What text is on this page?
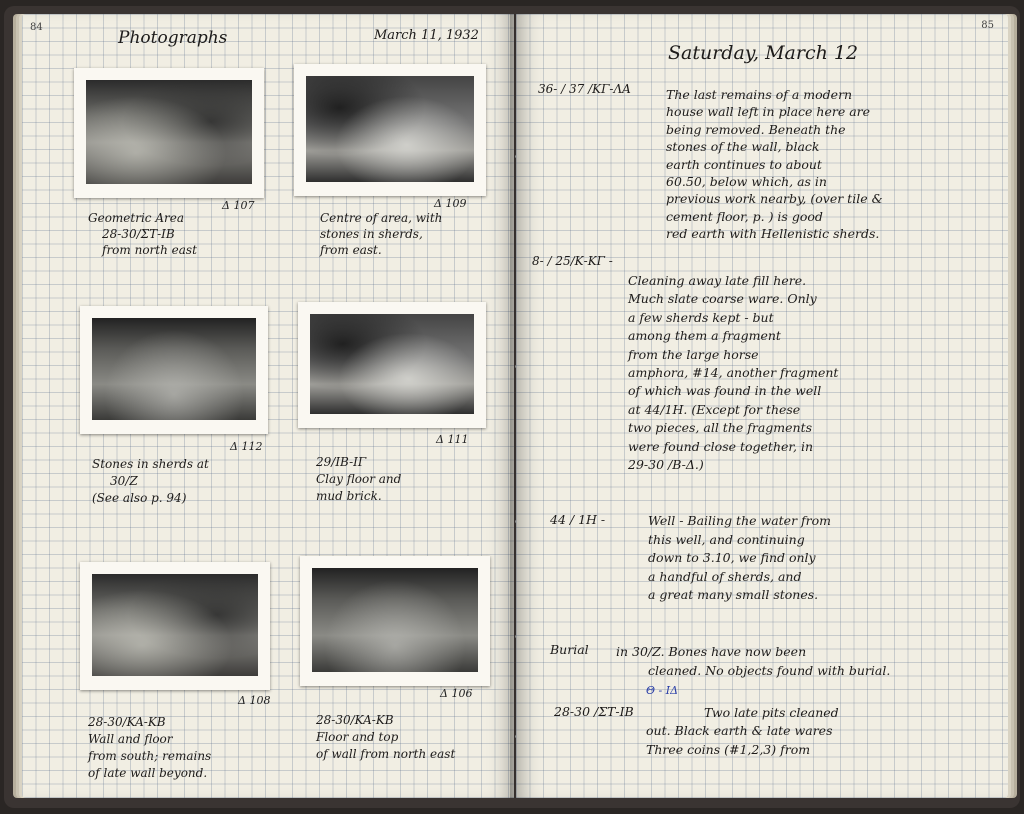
84
Photographs	March 11, 1932
Δ 107
Geometric Area
28-30/ΣΤ-ΙΒ
from north east
Δ 109
Centre of area, with
stones in sherds,
from east.
Δ 112
Stones in sherds at
30/Z
(See also p. 94)
Δ 111
29/IB-IΓ
Clay floor and
mud brick.
Δ 108
28-30/KA-KB
Wall and floor
from south; remains
of late wall beyond.
Δ 106
28-30/KA-KB
Floor and top
of wall from north east
85
Saturday, March 12
36- / 37 /ΚΓ-ΛΑ	The last remains of a modern
house wall left in place here are
being removed. Beneath the
stones of the wall, black
earth continues to about
60.50, below which, as in
previous work nearby, (over tile &
cement floor, p. ) is good
red earth with Hellenistic sherds.
8- / 25/Κ-ΚΓ -
Cleaning away late fill here.
Much slate coarse ware. Only
a few sherds kept - but
among them a fragment
from the large horse
amphora, #14, another fragment
of which was found in the well
at 44/1H. (Except for these
two pieces, all the fragments
were found close together, in
29-30 /B-Δ.)
44 / 1H -	Well - Bailing the water from
this well, and continuing
down to 3.10, we find only
a handful of sherds, and
a great many small stones.
Burial in 30/Z. Bones have now been
cleaned. No objects found with burial.
28-30 /ΣΤ-ΙΒ
Θ - ΙΔ
Two late pits cleaned
out. Black earth & late wares
Three coins (#1,2,3) from
